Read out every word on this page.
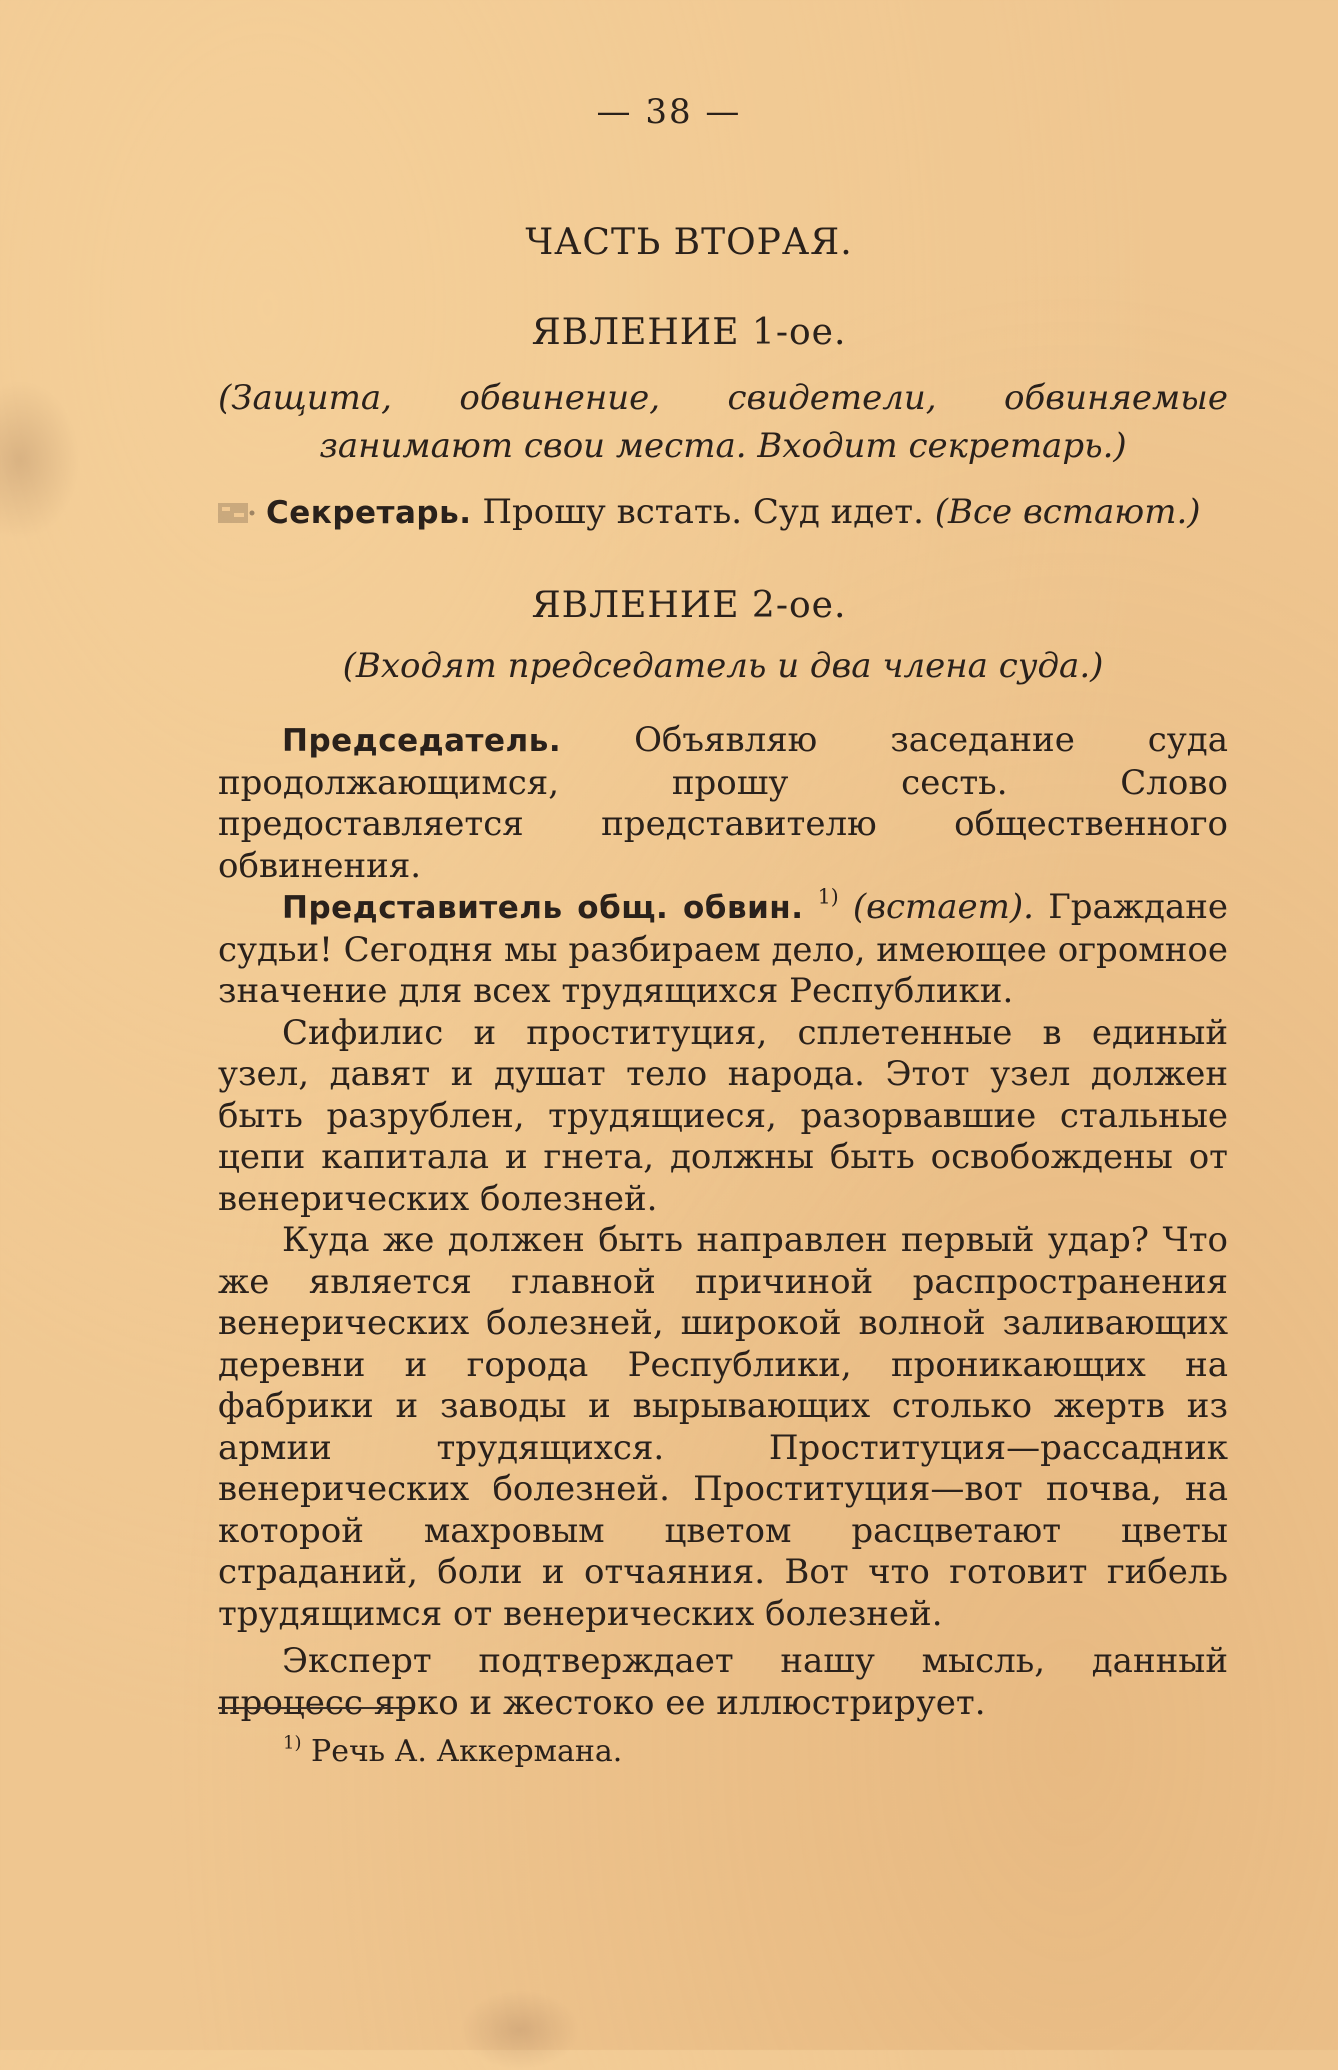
— 38 —
ЧАСТЬ ВТОРАЯ.
ЯВЛЕНИЕ 1-ое.
(Защита, обвинение, свидетели, обвиняемые занимают свои места. Входит секретарь.)
Секретарь. Прошу встать. Суд идет. (Все встают.)
ЯВЛЕНИЕ 2-ое.
(Входят председатель и два члена суда.)

Председатель. Объявляю заседание суда продолжающимся, прошу сесть. Слово предоставляется представителю общественного обвинения.

Представитель общ. обвин. $^{1)}$ (встает). Граждане судьи! Сегодня мы разбираем дело, имеющее огромное значение для всех трудящихся Республики.

Сифилис и проституция, сплетенные в единый узел, давят и душат тело народа. Этот узел должен быть разрублен, трудящиеся, разорвавшие стальные цепи капитала и гнета, должны быть освобождены от венерических болезней.

Куда же должен быть направлен первый удар? Что же является главной причиной распространения венерических болезней, широкой волной заливающих деревни и города Республики, проникающих на фабрики и заводы и вырывающих столько жертв из армии трудящихся. Проституция—рассадник венерических болезней. Проституция—вот почва, на которой махровым цветом расцветают цветы страданий, боли и отчаяния. Вот что готовит гибель трудящимся от венерических болезней.

Эксперт подтверждает нашу мысль, данный процесс ярко и жестоко ее иллюстрирует.

$^{1)}$ Речь А. Аккермана.
